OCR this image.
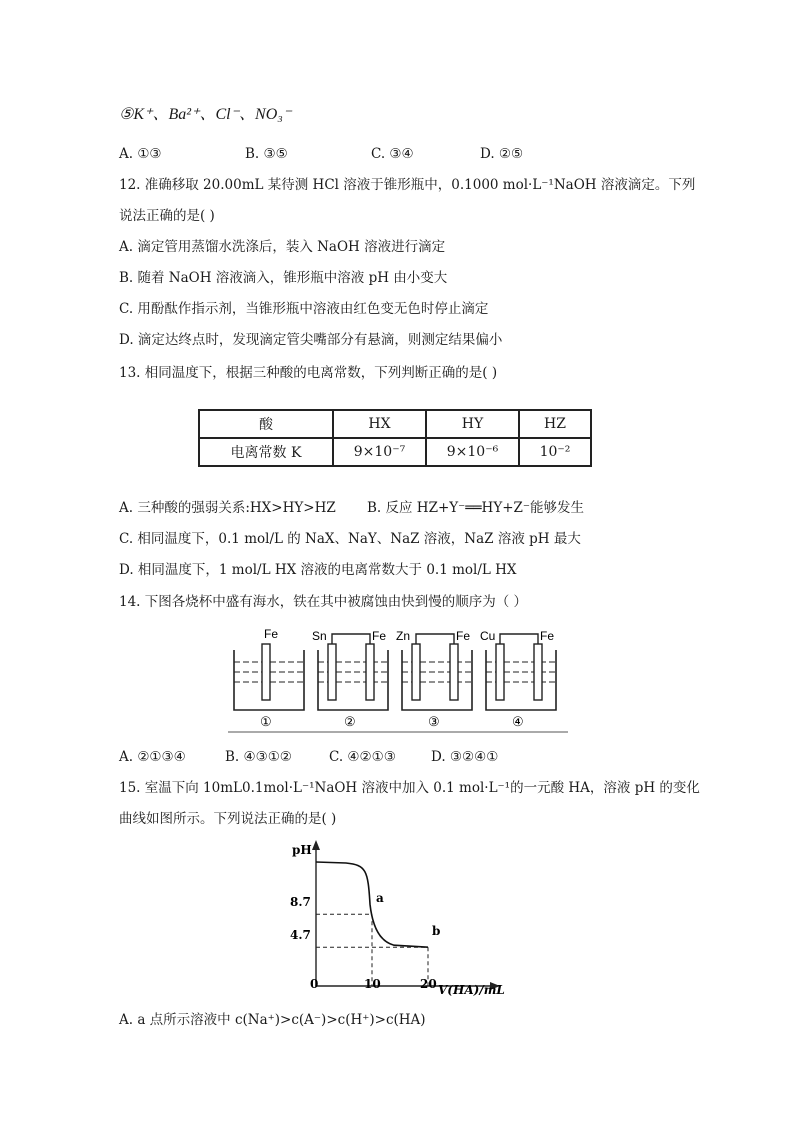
⑤K⁺、Ba²⁺、Cl⁻、NO₃⁻
A. ①③	B. ③⑤	C. ③④	D. ②⑤
12. 准确移取 20.00mL 某待测 HCl 溶液于锥形瓶中，0.1000 mol·L⁻¹NaOH 溶液滴定。下列
说法正确的是( )
A. 滴定管用蒸馏水洗涤后，装入 NaOH 溶液进行滴定
B. 随着 NaOH 溶液滴入，锥形瓶中溶液 pH 由小变大
C. 用酚酞作指示剂，当锥形瓶中溶液由红色变无色时停止滴定
D. 滴定达终点时，发现滴定管尖嘴部分有悬滴，则测定结果偏小
13. 相同温度下，根据三种酸的电离常数，下列判断正确的是( )
酸	HX	HY	HZ
电离常数 K	9×10⁻⁷	9×10⁻⁶	10⁻²
A. 三种酸的强弱关系:HX>HY>HZ B. 反应 HZ+Y⁻══HY+Z⁻能够发生
C. 相同温度下，0.1 mol/L 的 NaX、NaY、NaZ 溶液，NaZ 溶液 pH 最大
D. 相同温度下，1 mol/L HX 溶液的电离常数大于 0.1 mol/L HX
14. 下图各烧杯中盛有海水，铁在其中被腐蚀由快到慢的顺序为（ ）
Fe
①
Sn	Fe
②
Zn	Fe
③
Cu	Fe
④
A. ②①③④	B. ④③①②	C. ④②①③	D. ③②④①
15. 室温下向 10mL0.1mol·L⁻¹NaOH 溶液中加入 0.1 mol·L⁻¹的一元酸 HA，溶液 pH 的变化
曲线如图所示。下列说法正确的是( )
pH
V(HA)/mL
0	10	20
8.7
4.7
a
b
A. a 点所示溶液中 c(Na⁺)>c(A⁻)>c(H⁺)>c(HA)
